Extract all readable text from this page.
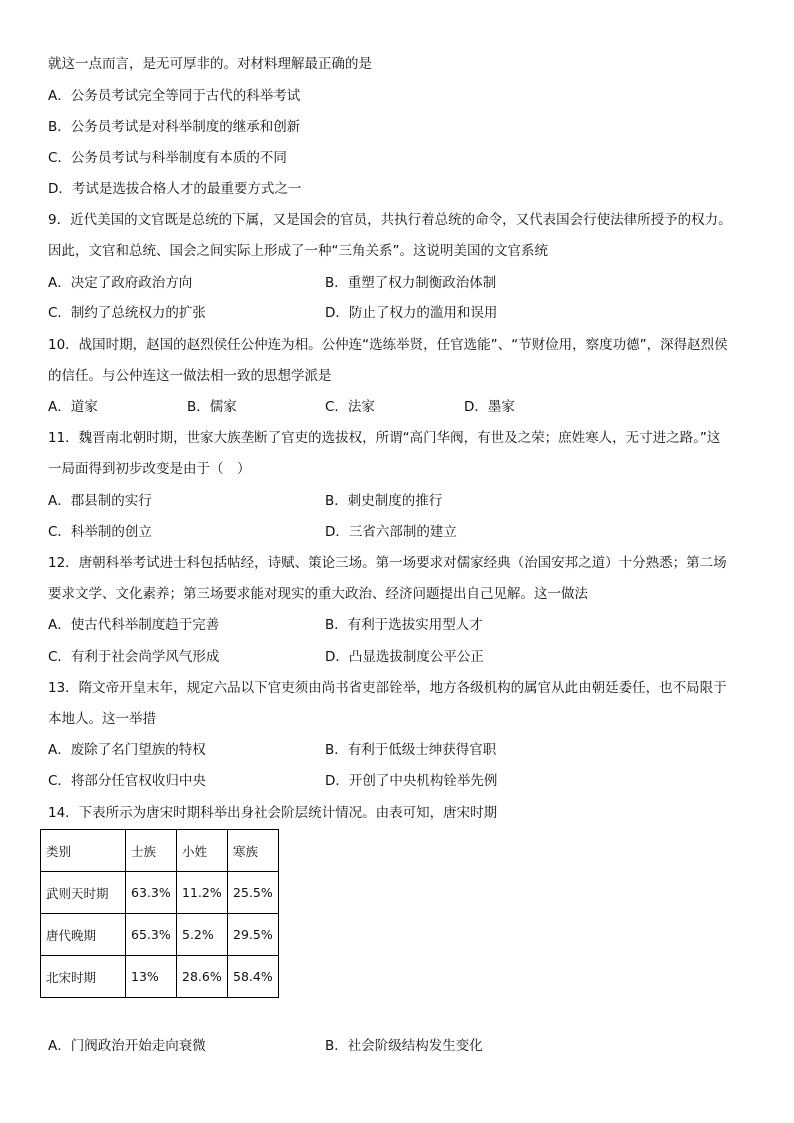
就这一点而言，是无可厚非的。对材料理解最正确的是
A．公务员考试完全等同于古代的科举考试
B．公务员考试是对科举制度的继承和创新
C．公务员考试与科举制度有本质的不同
D．考试是选拔合格人才的最重要方式之一
9．近代美国的文官既是总统的下属，又是国会的官员，共执行着总统的命令，又代表国会行使法律所授予的权力。
因此，文官和总统、国会之间实际上形成了一种“三角关系”。这说明美国的文官系统
A．决定了政府政治方向	B．重塑了权力制衡政治体制
C．制约了总统权力的扩张	D．防止了权力的滥用和误用
10．战国时期，赵国的赵烈侯任公仲连为相。公仲连“选练举贤，任官选能”、“节财俭用，察度功德”，深得赵烈侯
的信任。与公仲连这一做法相一致的思想学派是
A．道家	B．儒家	C．法家	D．墨家
11．魏晋南北朝时期，世家大族垄断了官吏的选拔权，所谓“高门华阀，有世及之荣；庶姓寒人，无寸进之路。”这
一局面得到初步改变是由于（　）
A．郡县制的实行	B．刺史制度的推行
C．科举制的创立	D．三省六部制的建立
12．唐朝科举考试进士科包括帖经，诗赋、策论三场。第一场要求对儒家经典（治国安邦之道）十分熟悉；第二场
要求文学、文化素养；第三场要求能对现实的重大政治、经济问题提出自己见解。这一做法
A．使古代科举制度趋于完善	B．有利于选拔实用型人才
C．有利于社会尚学风气形成	D．凸显选拔制度公平公正
13．隋文帝开皇末年，规定六品以下官吏须由尚书省吏部铨举，地方各级机构的属官从此由朝廷委任，也不局限于
本地人。这一举措
A．废除了名门望族的特权	B．有利于低级士绅获得官职
C．将部分任官权收归中央	D．开创了中央机构铨举先例
14．下表所示为唐宋时期科举出身社会阶层统计情况。由表可知，唐宋时期
类别	士族	小姓	寒族
武则天时期	63.3%	11.2%	25.5%
唐代晚期	65.3%	5.2%	29.5%
北宋时期	13%	28.6%	58.4%
A．门阀政治开始走向衰微	B．社会阶级结构发生变化
